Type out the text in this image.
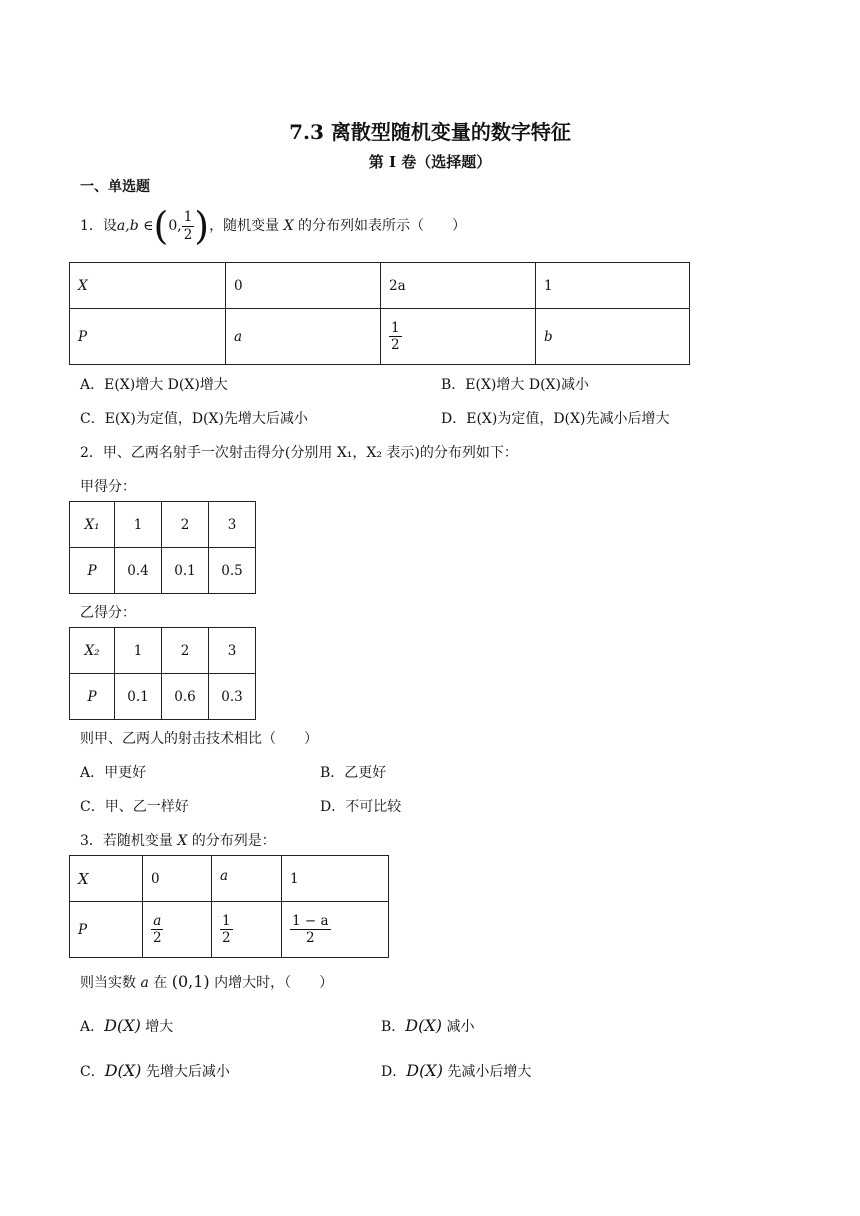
7.3 离散型随机变量的数字特征
第 I 卷（选择题）
一、单选题
1．设a,b ∈(0, $\frac{1}{2}$ )，随机变量 X 的分布列如表所示（　　）
X	0	2a	1
P	a	$\frac{1}{2}$	b
A．E(X)增大 D(X)增大	B．E(X)增大 D(X)减小
C．E(X)为定值，D(X)先增大后减小	D．E(X)为定值，D(X)先减小后增大
2．甲、乙两名射手一次射击得分(分别用 X₁，X₂ 表示)的分布列如下：
甲得分：
X₁	1	2	3
P	0.4	0.1	0.5
乙得分：
X₂	1	2	3
P	0.1	0.6	0.3
则甲、乙两人的射击技术相比（　　）
A．甲更好	B．乙更好
C．甲、乙一样好	D．不可比较
3．若随机变量 X 的分布列是：
X	0	a	1
P	$\frac{a}{2}$	$\frac{1}{2}$	$\frac{1 - a}{2}$
则当实数 a 在 (0,1) 内增大时，（　　）
A．D(X) 增大	B．D(X) 减小
C．D(X) 先增大后减小	D．D(X) 先减小后增大
